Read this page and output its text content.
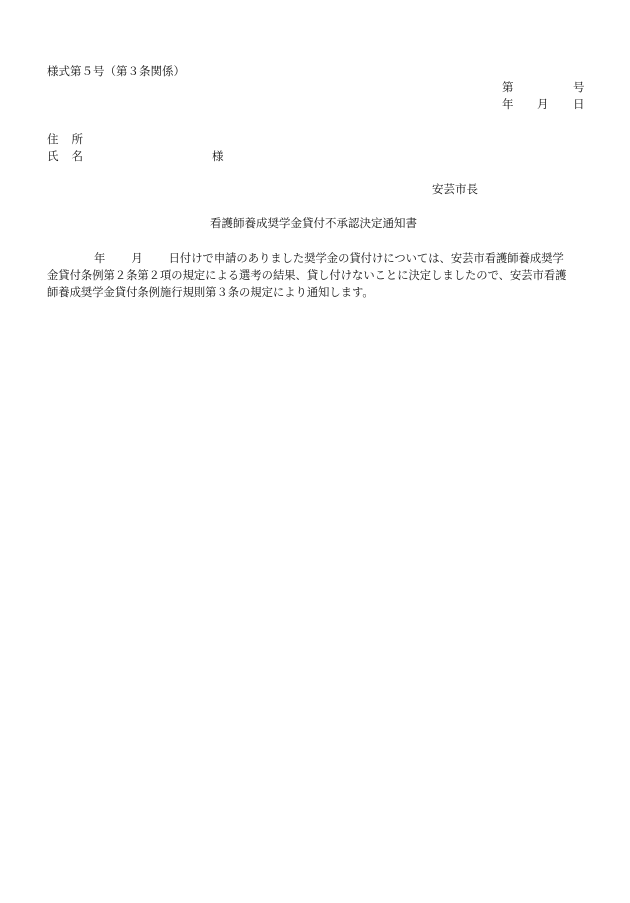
様式第５号（第３条関係）
第	号
年 月 日
住所
氏名	様
安芸市長
看護師養成奨学金貸付不承認決定通知書
年 月 日付けで申請のありました奨学金の貸付けについては、安芸市看護師養成奨学
金貸付条例第２条第２項の規定による選考の結果、貸し付けないことに決定しましたので、安芸市看護
師養成奨学金貸付条例施行規則第３条の規定により通知します。
